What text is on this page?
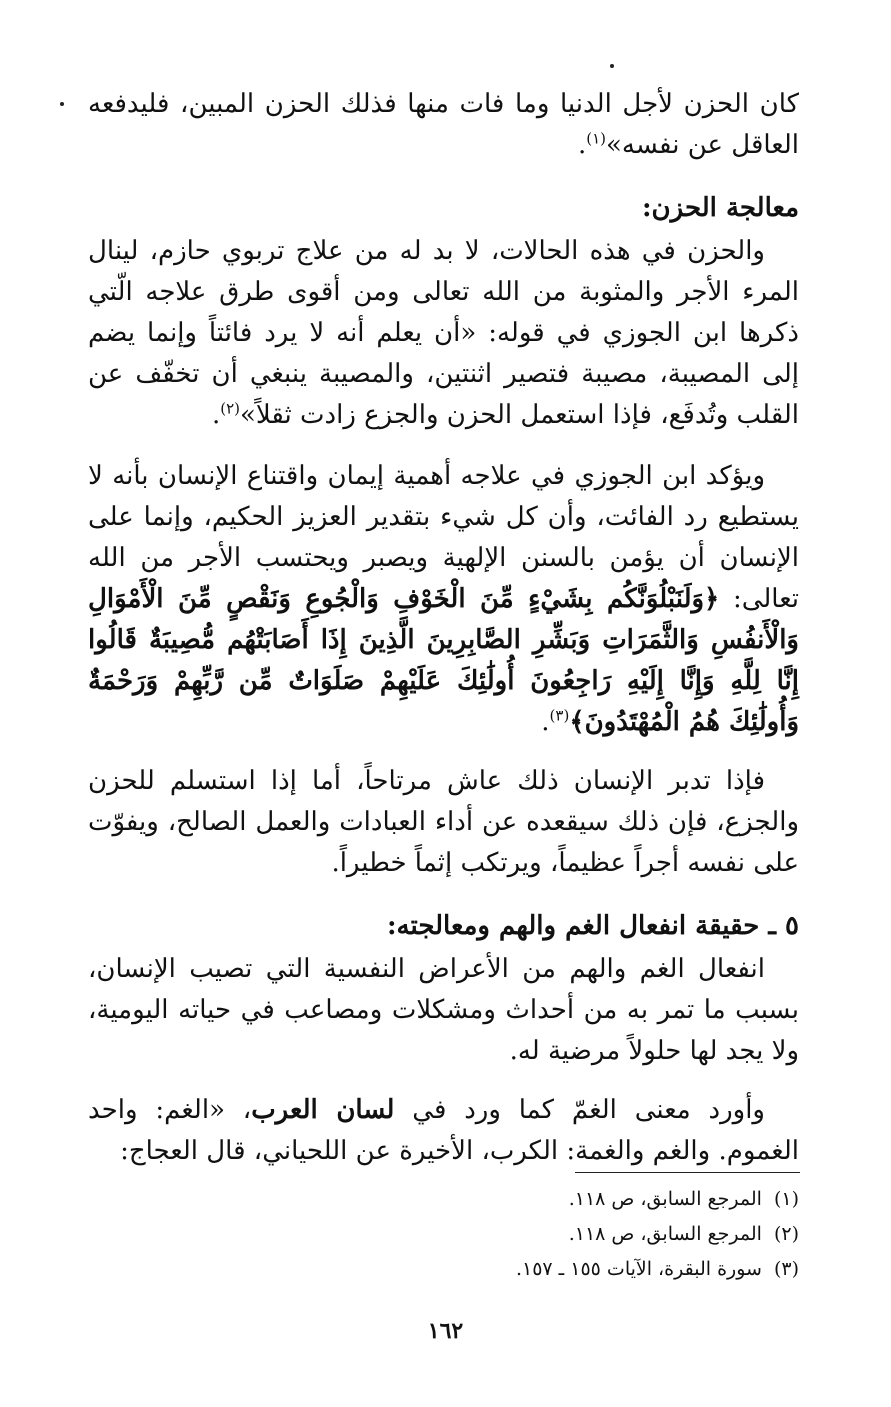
كان الحزن لأجل الدنيا وما فات منها فذلك الحزن المبين، فليدفعه العاقل عن نفسه»$^{(١)}$.

معالجة الحزن:

والحزن في هذه الحالات، لا بد له من علاج تربوي حازم، لينال المرء الأجر والمثوبة من الله تعالى ومن أقوى طرق علاجه الّتي ذكرها ابن الجوزي في قوله: «أن يعلم أنه لا يرد فائتاً وإنما يضم إلى المصيبة، مصيبة فتصير اثنتين، والمصيبة ينبغي أن تخفّف عن القلب وتُدفَع، فإذا استعمل الحزن والجزع زادت ثقلاً»$^{(٢)}$.

ويؤكد ابن الجوزي في علاجه أهمية إيمان واقتناع الإنسان بأنه لا يستطيع رد الفائت، وأن كل شيء بتقدير العزيز الحكيم، وإنما على الإنسان أن يؤمن بالسنن الإلهية ويصبر ويحتسب الأجر من الله تعالى: ﴿وَلَنَبْلُوَنَّكُم بِشَيْءٍ مِّنَ الْخَوْفِ وَالْجُوعِ وَنَقْصٍ مِّنَ الْأَمْوَالِ وَالْأَنفُسِ وَالثَّمَرَاتِ وَبَشِّرِ الصَّابِرِينَ الَّذِينَ إِذَا أَصَابَتْهُم مُّصِيبَةٌ قَالُوا إِنَّا لِلَّهِ وَإِنَّا إِلَيْهِ رَاجِعُونَ أُولَٰئِكَ عَلَيْهِمْ صَلَوَاتٌ مِّن رَّبِّهِمْ وَرَحْمَةٌ وَأُولَٰئِكَ هُمُ الْمُهْتَدُونَ﴾$^{(٣)}$.

فإذا تدبر الإنسان ذلك عاش مرتاحاً، أما إذا استسلم للحزن والجزع، فإن ذلك سيقعده عن أداء العبادات والعمل الصالح، ويفوّت على نفسه أجراً عظيماً، ويرتكب إثماً خطيراً.

٥ ـ حقيقة انفعال الغم والهم ومعالجته:

انفعال الغم والهم من الأعراض النفسية التي تصيب الإنسان، بسبب ما تمر به من أحداث ومشكلات ومصاعب في حياته اليومية، ولا يجد لها حلولاً مرضية له.

وأورد معنى الغمّ كما ورد في لسان العرب، «الغم: واحد الغموم. والغم والغمة: الكرب، الأخيرة عن اللحياني، قال العجاج:

(١)المرجع السابق، ص ١١٨.
(٢)المرجع السابق، ص ١١٨.
(٣)سورة البقرة، الآيات ١٥٥ ـ ١٥٧.
١٦٢
